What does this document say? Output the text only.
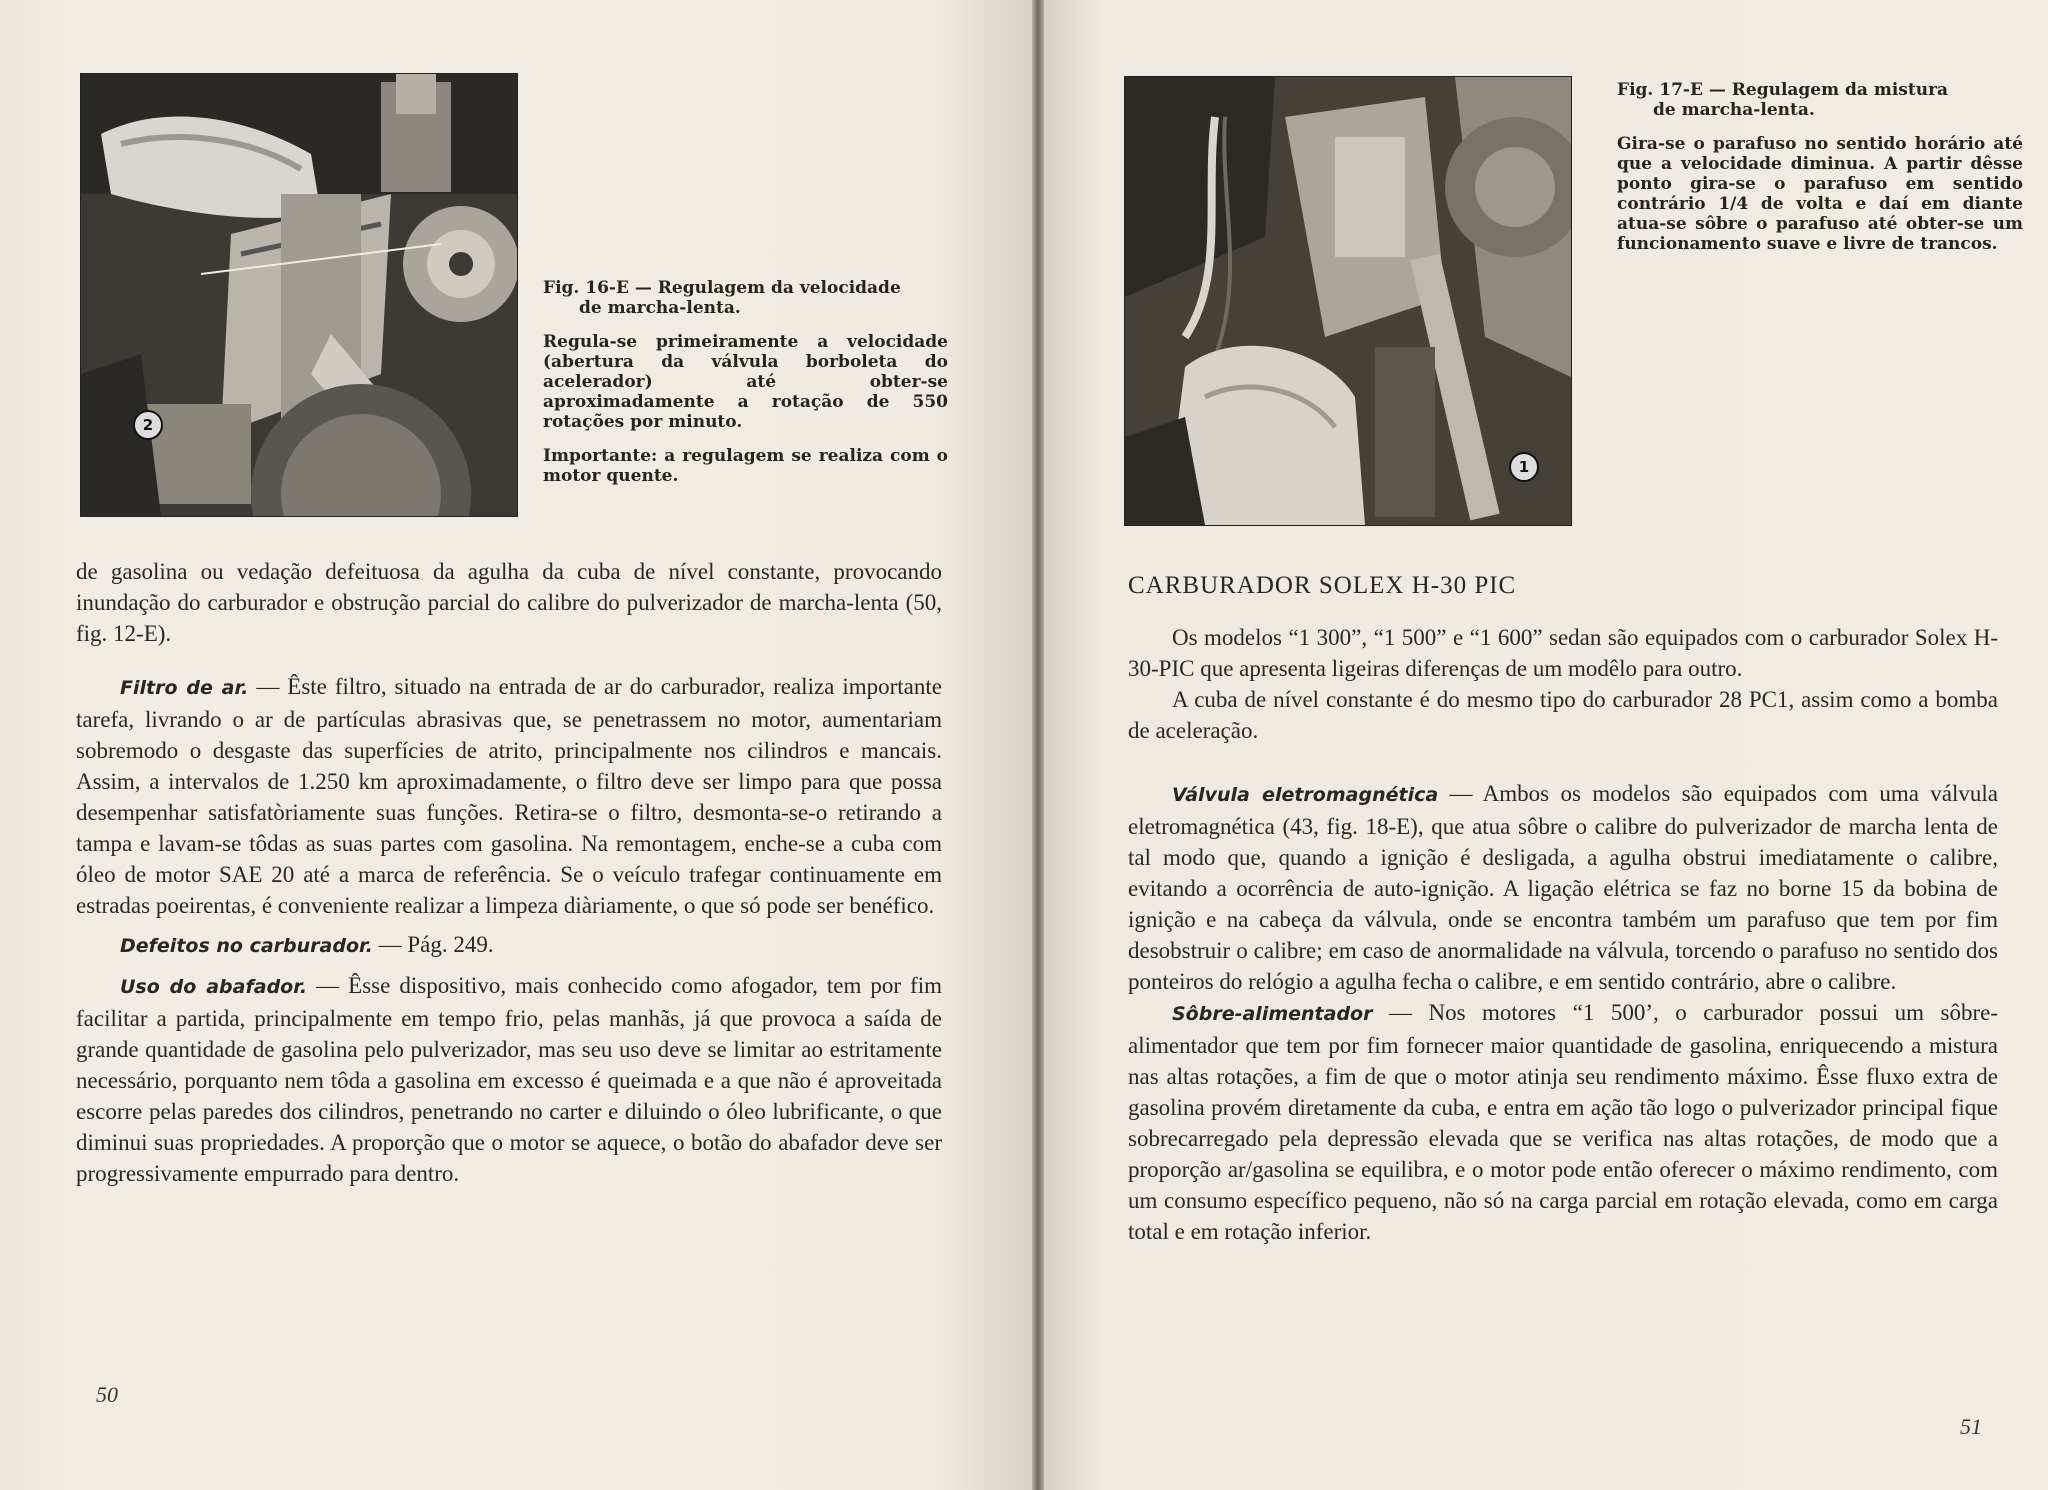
2

Fig. 16-E — Regulagem da velocidade

de marcha-lenta.

Regula-se primeiramente a velocidade (abertura da válvula borboleta do acelerador) até obter-se aproximadamente a rotação de 550 rotações por minuto.

Importante: a regulagem se realiza com o motor quente.

de gasolina ou vedação defeituosa da agulha da cuba de nível constante, provocando inundação do carburador e obstrução parcial do calibre do pulverizador de marcha-lenta (50, fig. 12-E).

Filtro de ar. — Êste filtro, situado na entrada de ar do carburador, realiza importante tarefa, livrando o ar de partículas abrasivas que, se penetrassem no motor, aumentariam sobremodo o desgaste das superfícies de atrito, principalmente nos cilindros e mancais. Assim, a intervalos de 1.250 km aproximadamente, o filtro deve ser limpo para que possa desempenhar satisfatòriamente suas funções. Retira-se o filtro, desmonta-se-o retirando a tampa e lavam-se tôdas as suas partes com gasolina. Na remontagem, enche-se a cuba com óleo de motor SAE 20 até a marca de referência. Se o veículo trafegar continuamente em estradas poeirentas, é conveniente realizar a limpeza diàriamente, o que só pode ser benéfico.

Defeitos no carburador. — Pág. 249.

Uso do abafador. — Êsse dispositivo, mais conhecido como afogador, tem por fim facilitar a partida, principalmente em tempo frio, pelas manhãs, já que provoca a saída de grande quantidade de gasolina pelo pulverizador, mas seu uso deve se limitar ao estritamente necessário, porquanto nem tôda a gasolina em excesso é queimada e a que não é aproveitada escorre pelas paredes dos cilindros, penetrando no carter e diluindo o óleo lubrificante, o que diminui suas propriedades. A proporção que o motor se aquece, o botão do abafador deve ser progressivamente empurrado para dentro.

50
1

Fig. 17-E — Regulagem da mistura

de marcha-lenta.

Gira-se o parafuso no sentido horário até que a velocidade diminua. A partir dêsse ponto gira-se o parafuso em sentido contrário 1/4 de volta e daí em diante atua-se sôbre o parafuso até obter-se um funcionamento suave e livre de trancos.

CARBURADOR SOLEX H-30 PIC

Os modelos “1 300”, “1 500” e “1 600” sedan são equipados com o carburador Solex H-30-PIC que apresenta ligeiras diferenças de um modêlo para outro.

A cuba de nível constante é do mesmo tipo do carburador 28 PC1, assim como a bomba de aceleração.

Válvula eletromagnética — Ambos os modelos são equipados com uma válvula eletromagnética (43, fig. 18-E), que atua sôbre o calibre do pulverizador de marcha lenta de tal modo que, quando a ignição é desligada, a agulha obstrui imediatamente o calibre, evitando a ocorrência de auto-ignição. A ligação elétrica se faz no borne 15 da bobina de ignição e na cabeça da válvula, onde se encontra também um parafuso que tem por fim desobstruir o calibre; em caso de anormalidade na válvula, torcendo o parafuso no sentido dos ponteiros do relógio a agulha fecha o calibre, e em sentido contrário, abre o calibre.

Sôbre-alimentador — Nos motores “1 500’, o carburador possui um sôbre-alimentador que tem por fim fornecer maior quantidade de gasolina, enriquecendo a mistura nas altas rotações, a fim de que o motor atinja seu rendimento máximo. Êsse fluxo extra de gasolina provém diretamente da cuba, e entra em ação tão logo o pulverizador principal fique sobrecarregado pela depressão elevada que se verifica nas altas rotações, de modo que a proporção ar/gasolina se equilibra, e o motor pode então oferecer o máximo rendimento, com um consumo específico pequeno, não só na carga parcial em rotação elevada, como em carga total e em rotação inferior.

51
